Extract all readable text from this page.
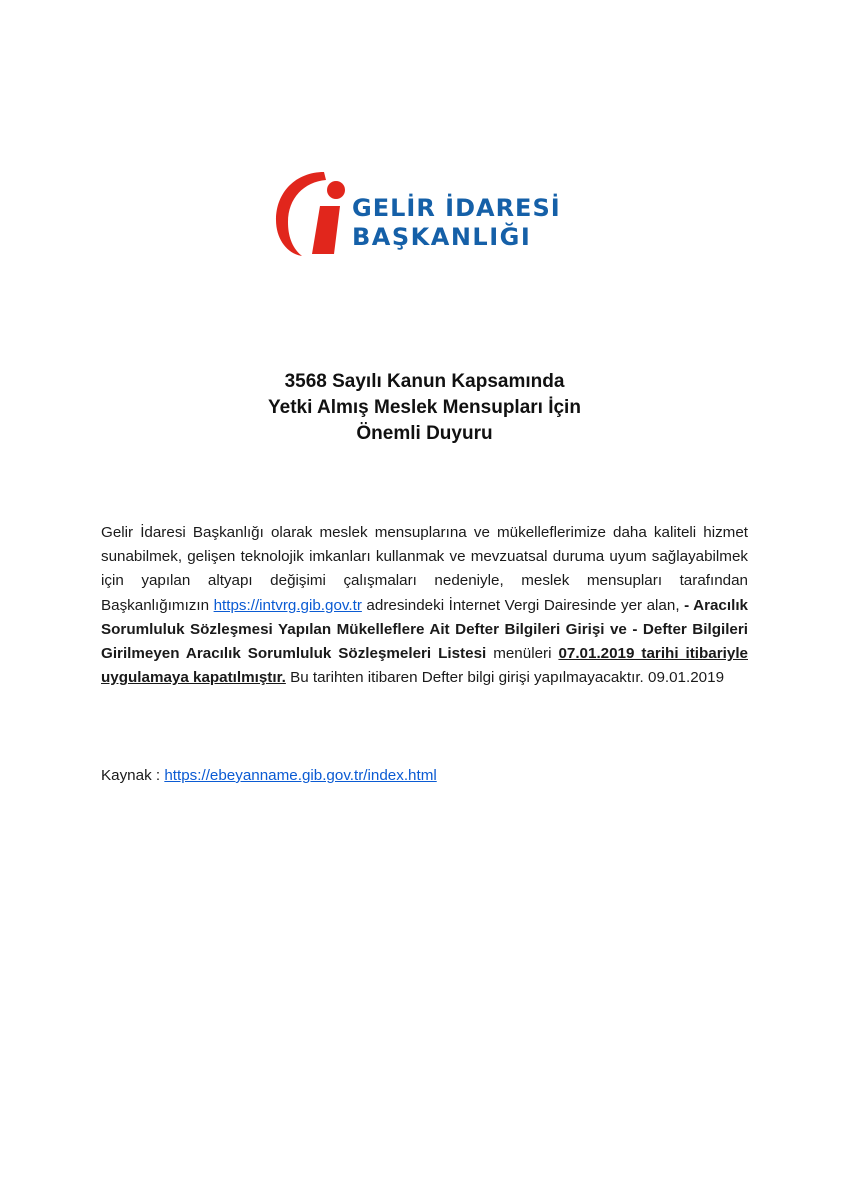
GELİR İDARESİ
BAŞKANLIĞI
3568 Sayılı Kanun Kapsamında
Yetki Almış Meslek Mensupları İçin
Önemli Duyuru
Gelir İdaresi Başkanlığı olarak meslek mensuplarına ve mükelleflerimize daha kaliteli hizmet sunabilmek, gelişen teknolojik imkanları kullanmak ve mevzuatsal duruma uyum sağlayabilmek için yapılan altyapı değişimi çalışmaları nedeniyle, meslek mensupları tarafından Başkanlığımızın https://intvrg.gib.gov.tr adresindeki İnternet Vergi Dairesinde yer alan, - Aracılık Sorumluluk Sözleşmesi Yapılan Mükelleflere Ait Defter Bilgileri Girişi ve - Defter Bilgileri Girilmeyen Aracılık Sorumluluk Sözleşmeleri Listesi menüleri 07.01.2019 tarihi itibariyle uygulamaya kapatılmıştır. Bu tarihten itibaren Defter bilgi girişi yapılmayacaktır. 09.01.2019
Kaynak : https://ebeyanname.gib.gov.tr/index.html
